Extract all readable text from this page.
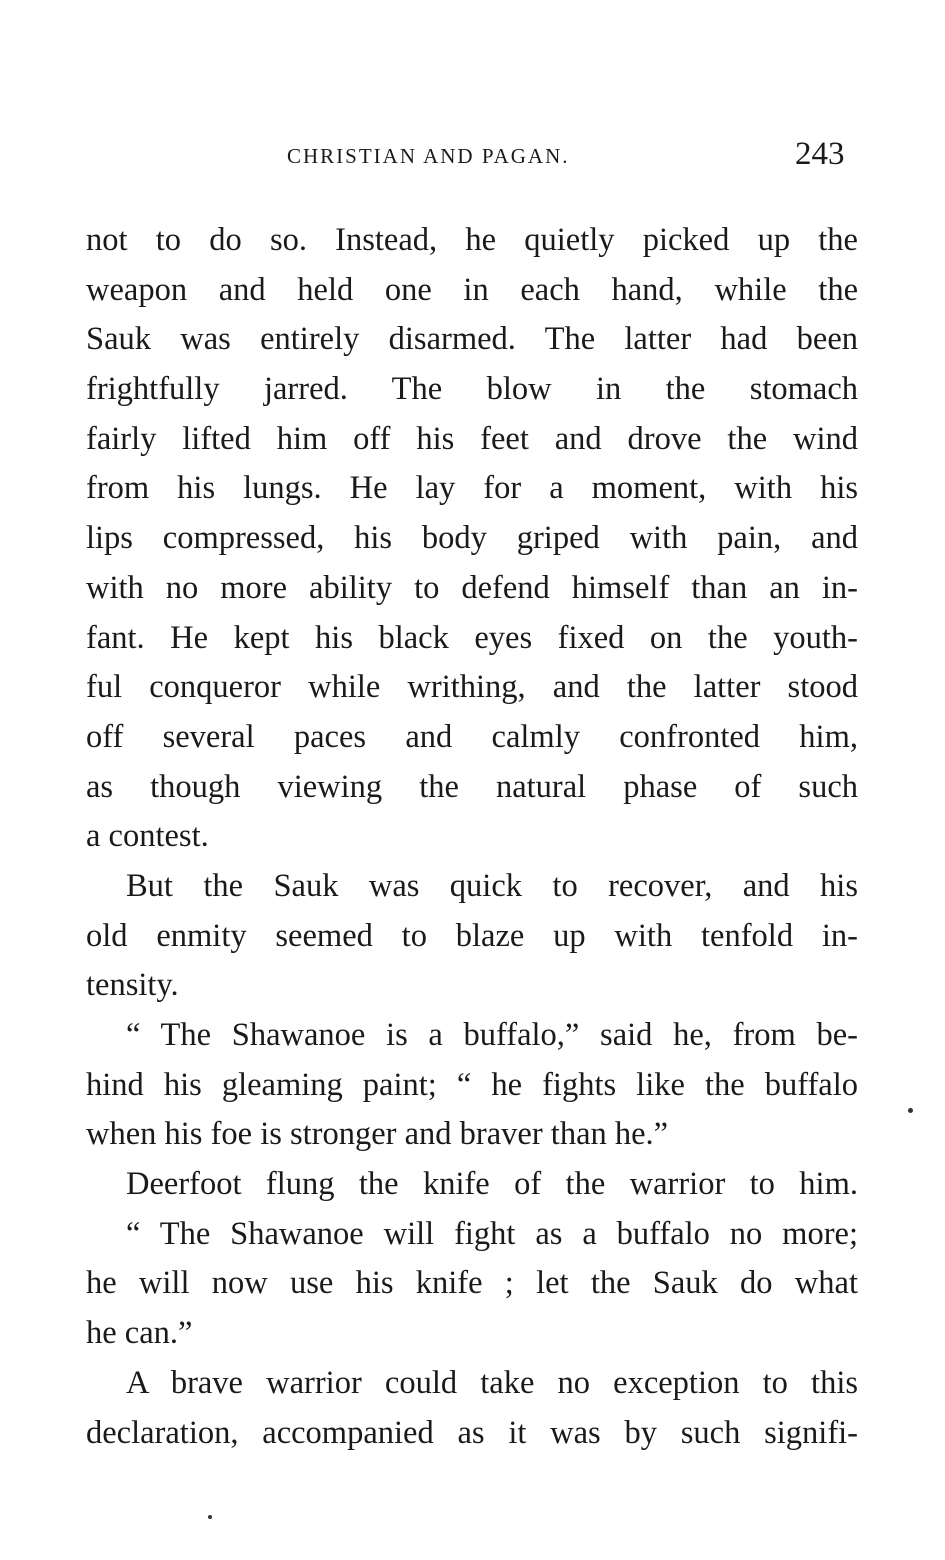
CHRISTIAN AND PAGAN.	243
not to do so. Instead, he quietly picked up the
weapon and held one in each hand, while the
Sauk was entirely disarmed. The latter had been
frightfully jarred. The blow in the stomach
fairly lifted him off his feet and drove the wind
from his lungs. He lay for a moment, with his
lips compressed, his body griped with pain, and
with no more ability to defend himself than an in-
fant. He kept his black eyes fixed on the youth-
ful conqueror while writhing, and the latter stood
off several paces and calmly confronted him,
as though viewing the natural phase of such
a contest.
But the Sauk was quick to recover, and his
old enmity seemed to blaze up with tenfold in-
tensity.
“ The Shawanoe is a buffalo,” said he, from be-
hind his gleaming paint; “ he fights like the buffalo
when his foe is stronger and braver than he.”
Deerfoot flung the knife of the warrior to him.
“ The Shawanoe will fight as a buffalo no more;
he will now use his knife ; let the Sauk do what
he can.”
A brave warrior could take no exception to this
declaration, accompanied as it was by such signifi-
